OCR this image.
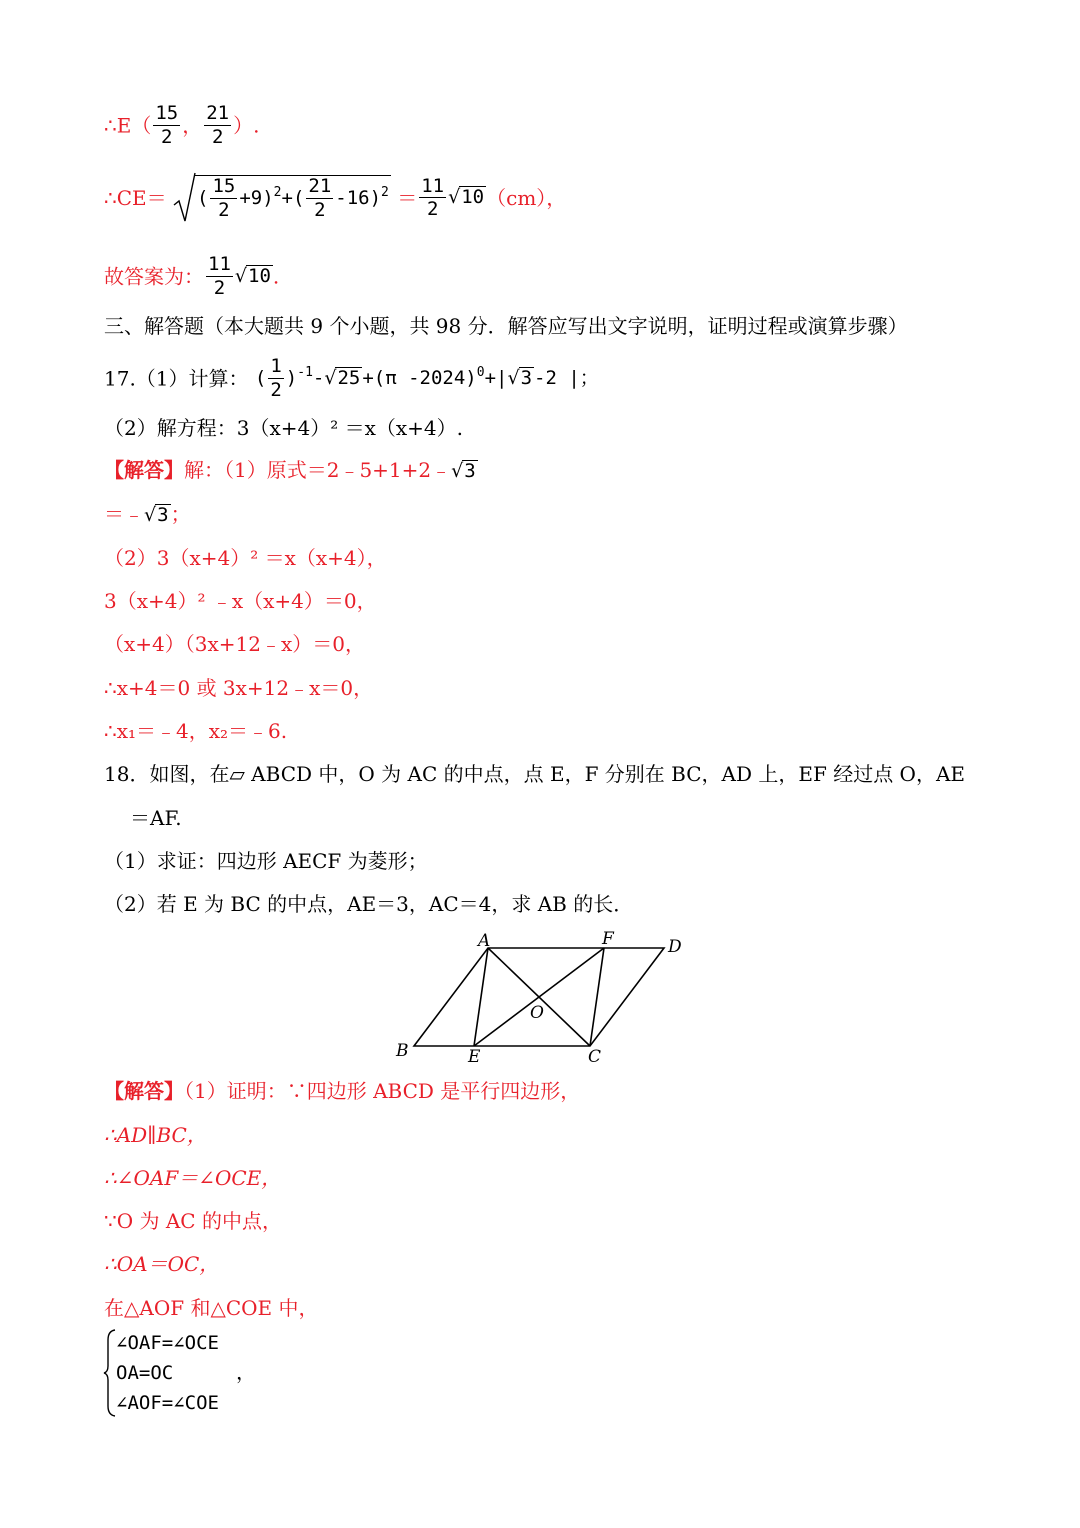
∴E（ $\frac{15}{2}$ ， $\frac{21}{2}$ ）.
∴CE＝
( $\frac{15}{2} +9)^2+( \frac{21}{2} -16)^2 = \frac{11}{2} √10$ （cm），
故答案为： $\frac{11}{2} √10$ .
三、解答题（本大题共 9 个小题，共 98 分．解答应写出文字说明，证明过程或演算步骤）
17.（1）计算： ( $\frac{1}{2} )^{-1}-√25 +(\pi$ -2024)$^0$+|√3 -2 |；
（2）解方程：3（x+4）² ＝x（x+4）.
【解答】解：（1）原式＝2﹣5+1+2﹣√3
＝﹣√3 ；
（2）3（x+4）² ＝x（x+4），
3（x+4）² ﹣x（x+4）＝0，
（x+4）（3x+12﹣x）＝0，
∴x+4＝0 或 3x+12﹣x＝0，
∴x₁＝﹣4，x₂＝﹣6.
18．如图，在▱ ABCD 中，O 为 AC 的中点，点 E，F 分别在 BC，AD 上，EF 经过点 O，AE
＝AF.
（1）求证：四边形 AECF 为菱形；
（2）若 E 为 BC 的中点，AE＝3，AC＝4，求 AB 的长．
A	F	D
O
B	E	C
【解答】（1）证明：∵四边形 ABCD 是平行四边形，
∴AD∥BC，
∴∠OAF＝∠OCE，
∵O 为 AC 的中点，
∴OA＝OC，
在△AOF 和△COE 中，
∠OAF=∠OCE
OA=OC
∠AOF=∠COE
，
